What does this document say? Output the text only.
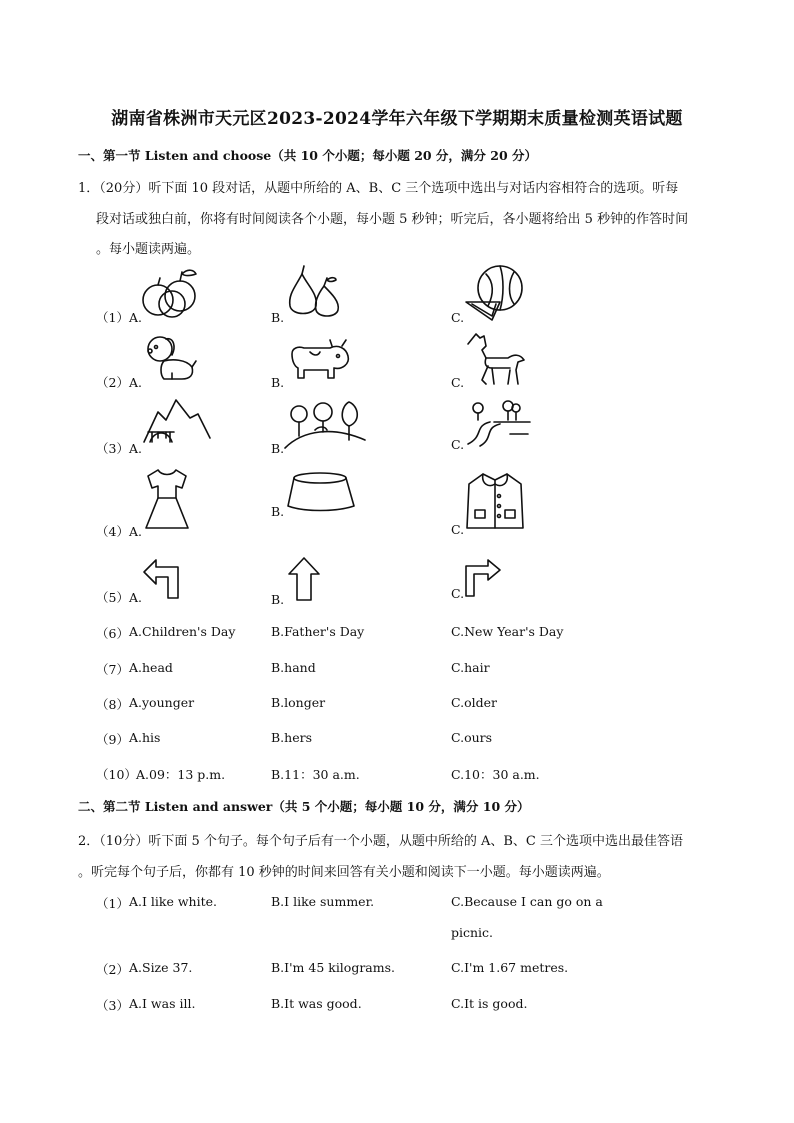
湖南省株洲市天元区2023-2024学年六年级下学期期末质量检测英语试题
一、第一节 Listen and choose（共 10 个小题；每小题 20 分，满分 20 分）
1．（20分）听下面 10 段对话，从题中所给的 A、B、C 三个选项中选出与对话内容相符合的选项。听每
段对话或独白前，你将有时间阅读各个小题，每小题 5 秒钟；听完后，各小题将给出 5 秒钟的作答时间
。每小题读两遍。
（1）A.	B.	C.
（2）A.	B.	C.
（3）A.	B.	C.
（4）A.
B.
C.
（5）A.	B.	C.
（6） A.Children's Day	B.Father's Day	C.New Year's Day
（7） A.head	B.hand	C.hair
（8） A.younger	B.longer	C.older
（9） A.his	B.hers	C.ours
（10） A.09：13 p.m.	B.11：30 a.m.	C.10：30 a.m.
二、第二节 Listen and answer（共 5 个小题；每小题 10 分，满分 10 分）
2．（10分）听下面 5 个句子。每个句子后有一个小题，从题中所给的 A、B、C 三个选项中选出最佳答语
。听完每个句子后，你都有 10 秒钟的时间来回答有关小题和阅读下一小题。每小题读两遍。
（1） A.I like white.	B.I like summer.	C.Because I can go on a
picnic.
（2） A.Size 37.	B.I'm 45 kilograms.	C.I'm 1.67 metres.
（3） A.I was ill.	B.It was good.	C.It is good.
